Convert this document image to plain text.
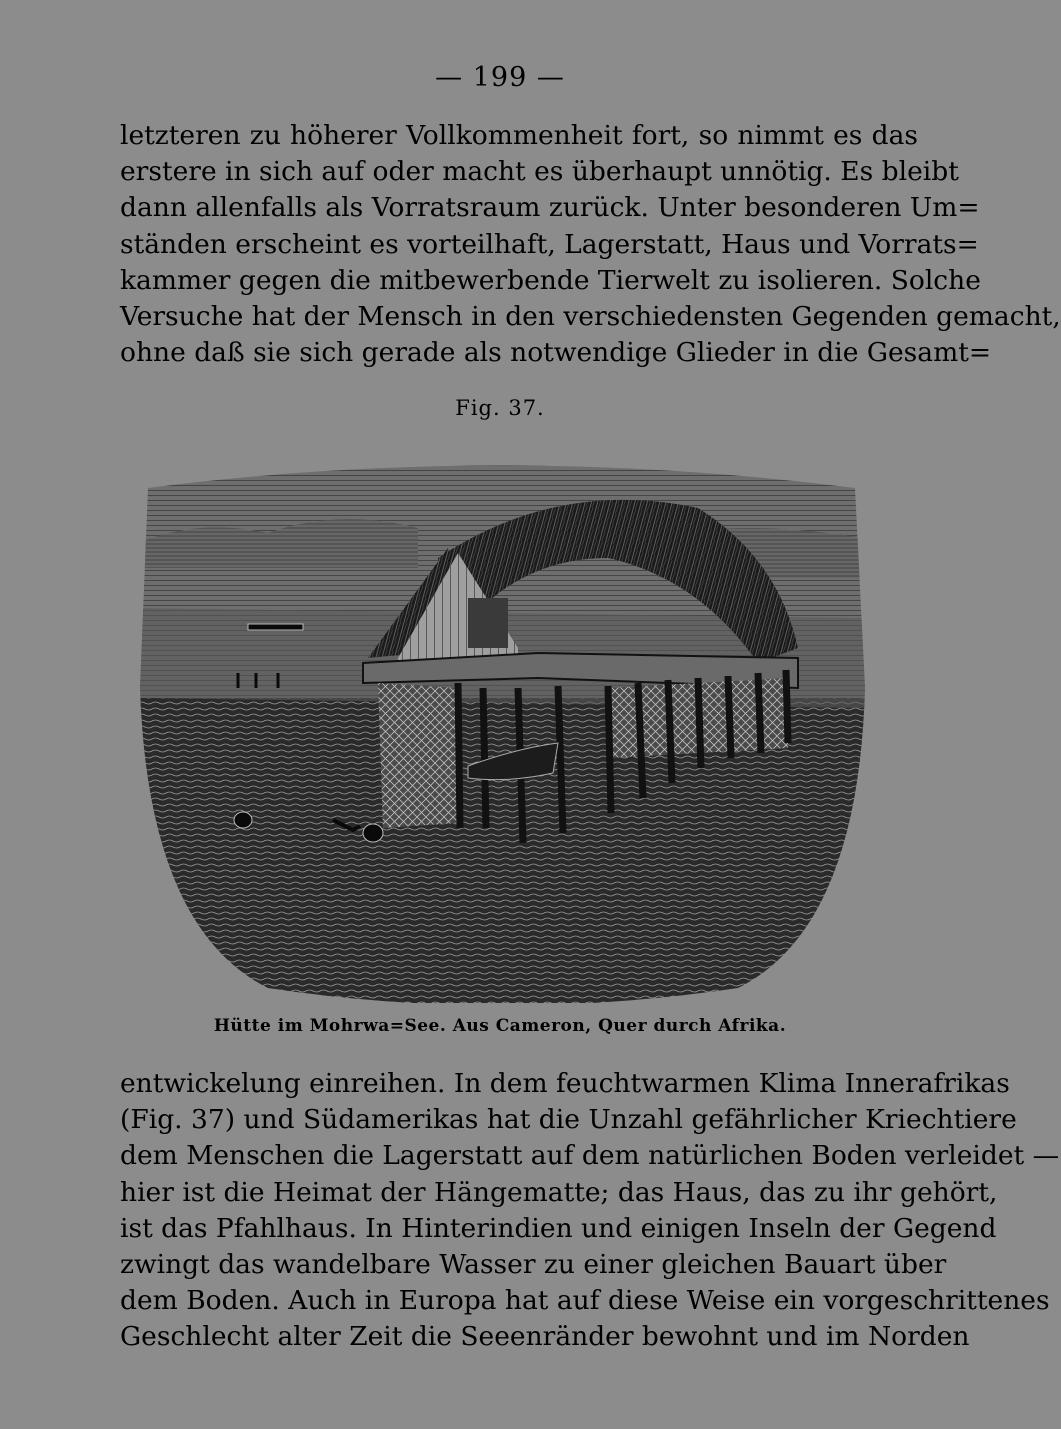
— 199 —
letzteren zu höherer Vollkommenheit fort, so nimmt es das
erstere in sich auf oder macht es überhaupt unnötig. Es bleibt
dann allenfalls als Vorratsraum zurück. Unter besonderen Um=
ständen erscheint es vorteilhaft, Lagerstatt, Haus und Vorrats=
kammer gegen die mitbewerbende Tierwelt zu isolieren. Solche
Versuche hat der Mensch in den verschiedensten Gegenden gemacht,
ohne daß sie sich gerade als notwendige Glieder in die Gesamt=
Fig. 37.
Hütte im Mohrwa=See. Aus Cameron, Quer durch Afrika.
entwickelung einreihen. In dem feuchtwarmen Klima Innerafrikas
(Fig. 37) und Südamerikas hat die Unzahl gefährlicher Kriechtiere
dem Menschen die Lagerstatt auf dem natürlichen Boden verleidet —
hier ist die Heimat der Hängematte; das Haus, das zu ihr gehört,
ist das Pfahlhaus. In Hinterindien und einigen Inseln der Gegend
zwingt das wandelbare Wasser zu einer gleichen Bauart über
dem Boden. Auch in Europa hat auf diese Weise ein vorgeschrittenes
Geschlecht alter Zeit die Seeenränder bewohnt und im Norden
